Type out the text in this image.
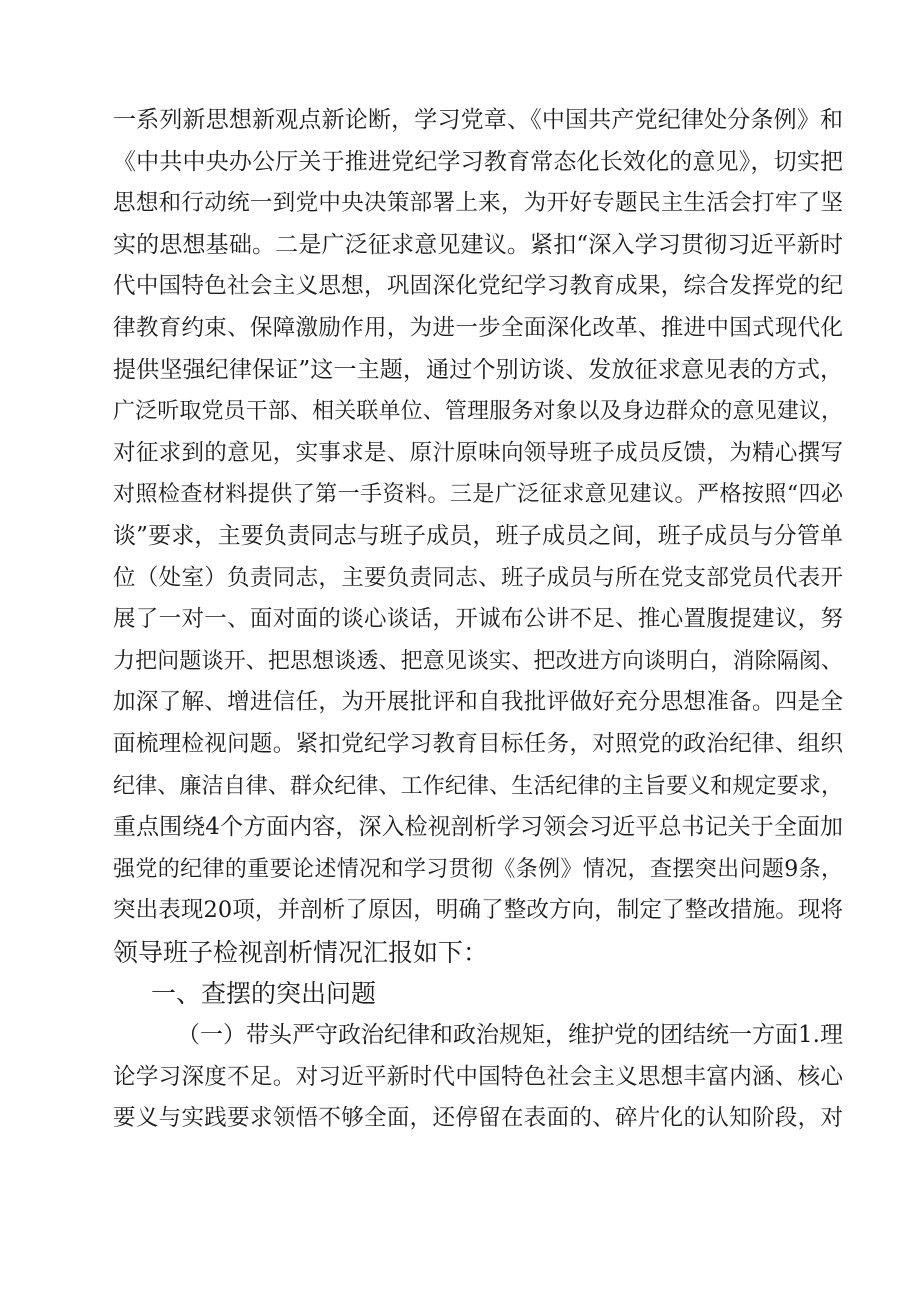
一系列新思想新观点新论断，学习党章、《中国共产党纪律处分条例》和
《中共中央办公厅关于推进党纪学习教育常态化长效化的意见》，切实把
思想和行动统一到党中央决策部署上来，为开好专题民主生活会打牢了坚
实的思想基础。二是广泛征求意见建议。紧扣“深入学习贯彻习近平新时
代中国特色社会主义思想，巩固深化党纪学习教育成果，综合发挥党的纪
律教育约束、保障激励作用，为进一步全面深化改革、推进中国式现代化
提供坚强纪律保证”这一主题，通过个别访谈、发放征求意见表的方式，
广泛听取党员干部、相关联单位、管理服务对象以及身边群众的意见建议，
对征求到的意见，实事求是、原汁原味向领导班子成员反馈，为精心撰写
对照检查材料提供了第一手资料。三是广泛征求意见建议。严格按照“四必
谈”要求，主要负责同志与班子成员，班子成员之间，班子成员与分管单
位（处室）负责同志，主要负责同志、班子成员与所在党支部党员代表开
展了一对一、面对面的谈心谈话，开诚布公讲不足、推心置腹提建议，努
力把问题谈开、把思想谈透、把意见谈实、把改进方向谈明白，消除隔阂、
加深了解、增进信任，为开展批评和自我批评做好充分思想准备。四是全
面梳理检视问题。紧扣党纪学习教育目标任务，对照党的政治纪律、组织
纪律、廉洁自律、群众纪律、工作纪律、生活纪律的主旨要义和规定要求，
重点围绕4个方面内容，深入检视剖析学习领会习近平总书记关于全面加
强党的纪律的重要论述情况和学习贯彻《条例》情况，查摆突出问题9条，
突出表现20项，并剖析了原因，明确了整改方向，制定了整改措施。现将
领导班子检视剖析情况汇报如下：
一、查摆的突出问题
（一）带头严守政治纪律和政治规矩，维护党的团结统一方面1.理
论学习深度不足。对习近平新时代中国特色社会主义思想丰富内涵、核心
要义与实践要求领悟不够全面，还停留在表面的、碎片化的认知阶段，对
